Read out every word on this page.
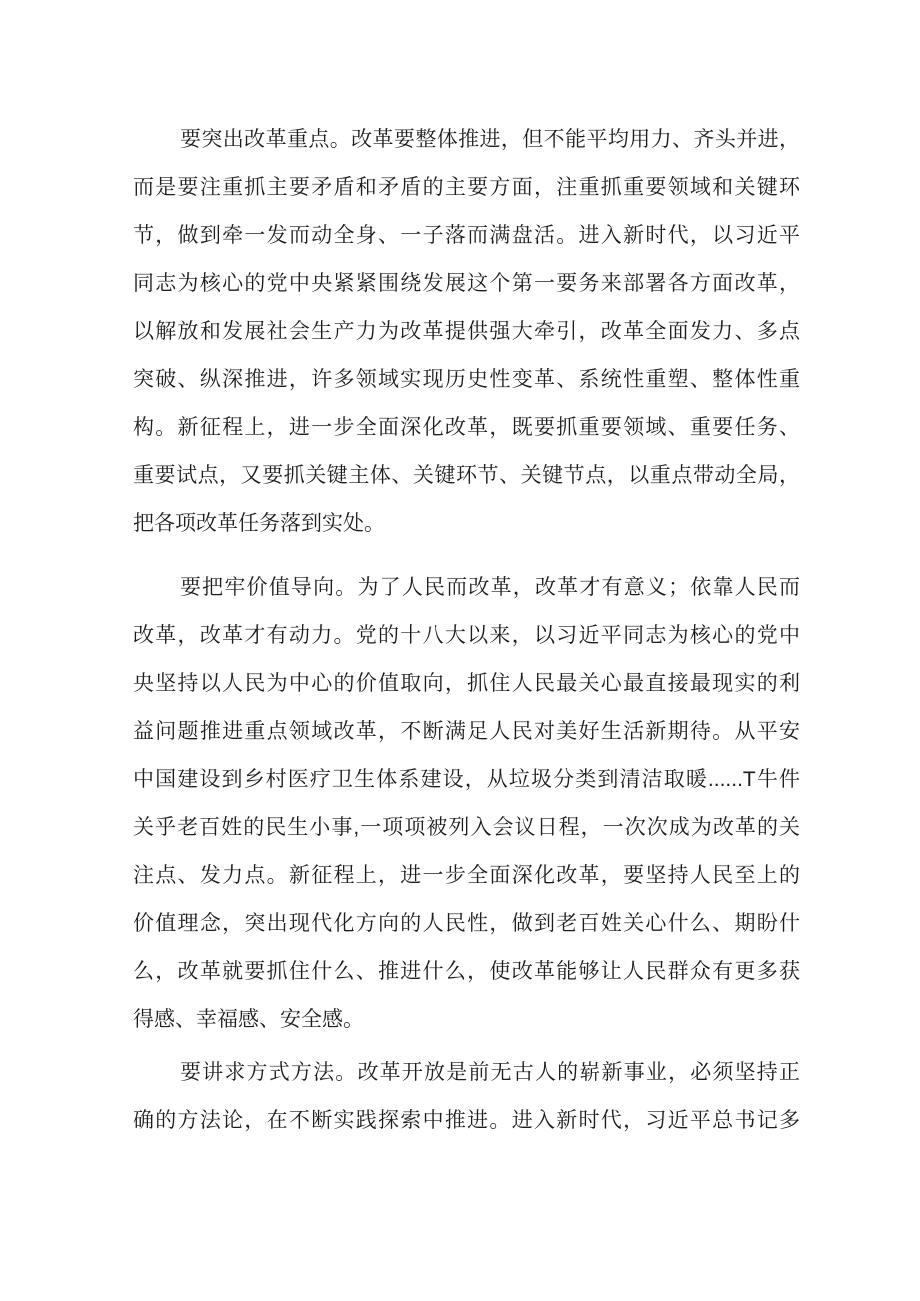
要突出改革重点。改革要整体推进，但不能平均用力、齐头并进，
而是要注重抓主要矛盾和矛盾的主要方面，注重抓重要领域和关键环
节，做到牵一发而动全身、一子落而满盘活。进入新时代，以习近平
同志为核心的党中央紧紧围绕发展这个第一要务来部署各方面改革，
以解放和发展社会生产力为改革提供强大牵引，改革全面发力、多点
突破、纵深推进，许多领域实现历史性变革、系统性重塑、整体性重
构。新征程上，进一步全面深化改革，既要抓重要领域、重要任务、
重要试点，又要抓关键主体、关键环节、关键节点，以重点带动全局，
把各项改革任务落到实处。
要把牢价值导向。为了人民而改革，改革才有意义；依靠人民而
改革，改革才有动力。党的十八大以来，以习近平同志为核心的党中
央坚持以人民为中心的价值取向，抓住人民最关心最直接最现实的利
益问题推进重点领域改革，不断满足人民对美好生活新期待。从平安
中国建设到乡村医疗卫生体系建设，从垃圾分类到清洁取暖......T牛件
关乎老百姓的民生小事,一项项被列入会议日程，一次次成为改革的关
注点、发力点。新征程上，进一步全面深化改革，要坚持人民至上的
价值理念，突出现代化方向的人民性，做到老百姓关心什么、期盼什
么，改革就要抓住什么、推进什么，使改革能够让人民群众有更多获
得感、幸福感、安全感。
要讲求方式方法。改革开放是前无古人的崭新事业，必须坚持正
确的方法论，在不断实践探索中推进。进入新时代，习近平总书记多
